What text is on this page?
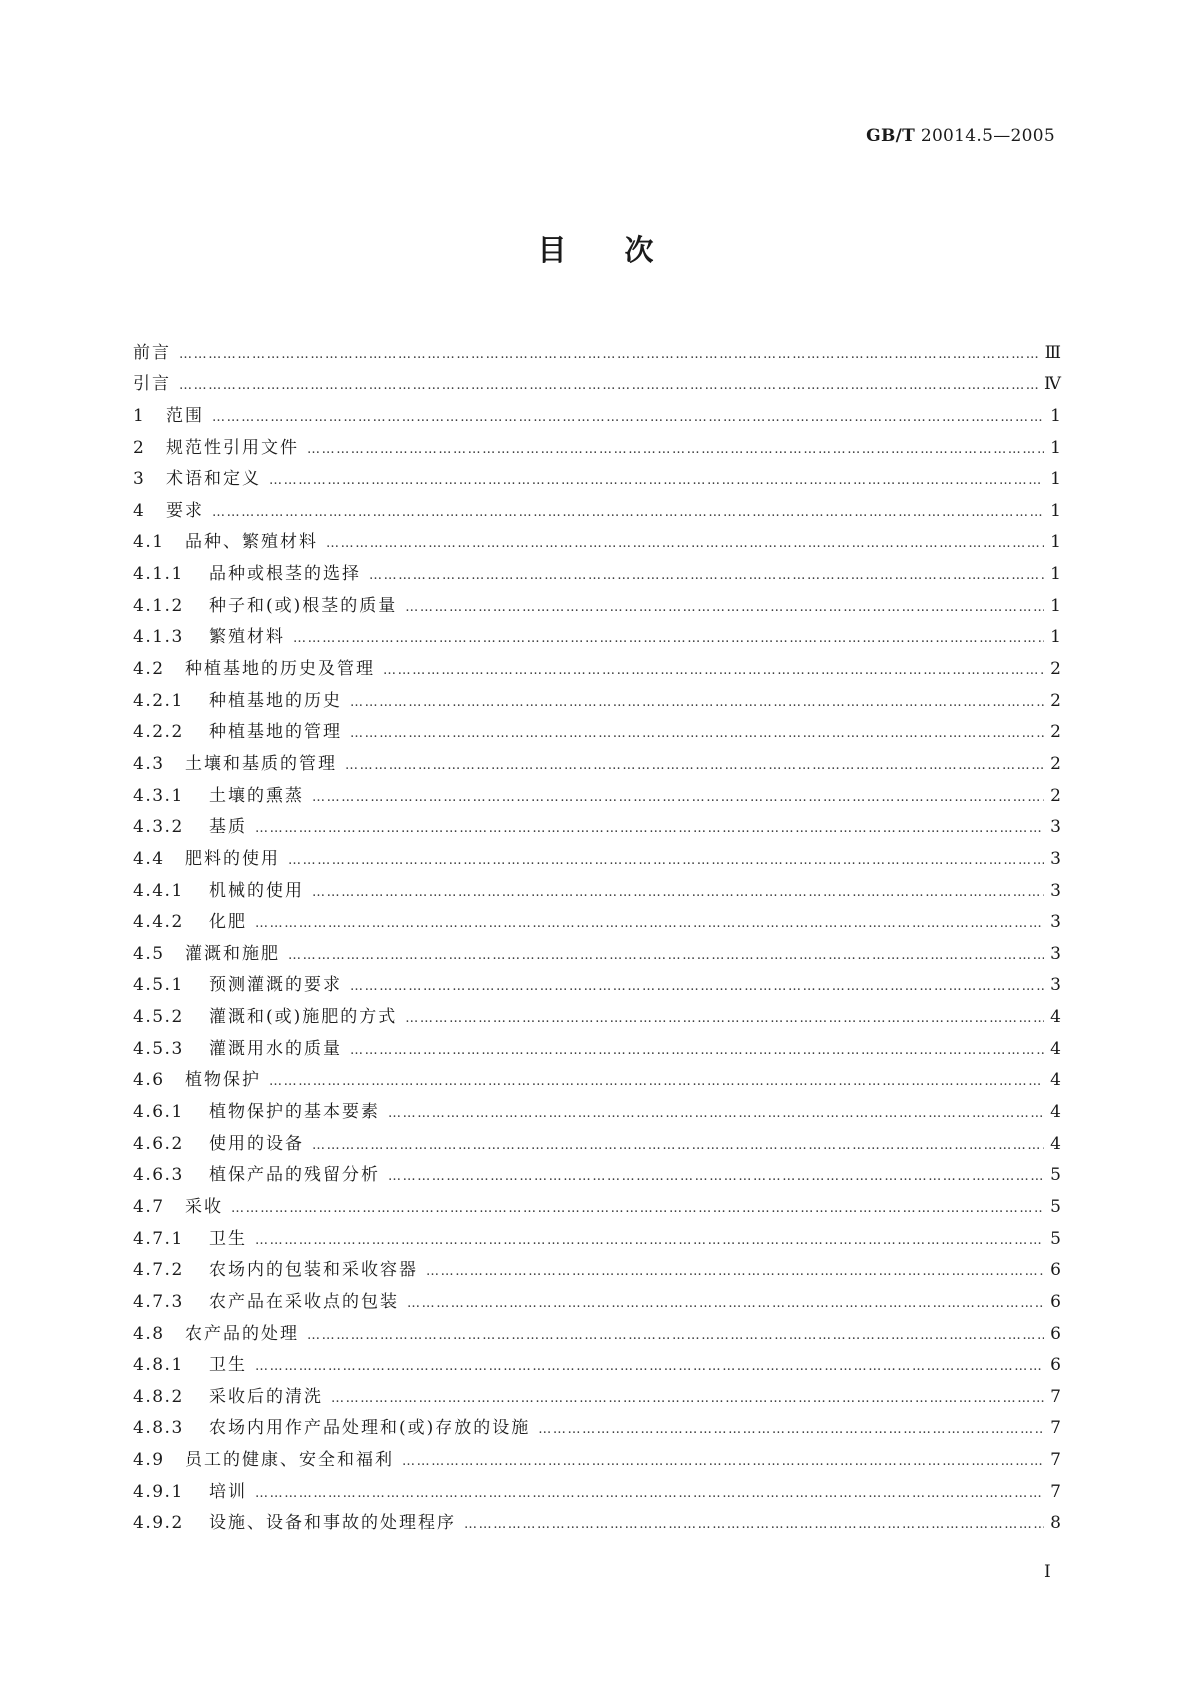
GB/T 20014.5—2005
目次
前言 ………………………………………………………………………………………………………………………………………………………………………………………………………………………………	Ⅲ
引言 ………………………………………………………………………………………………………………………………………………………………………………………………………………………………	Ⅳ
1	范围 ………………………………………………………………………………………………………………………………………………………………………………………………………………………………	1
2	规范性引用文件 ………………………………………………………………………………………………………………………………………………………………………………………………………………………………	1
3	术语和定义 ………………………………………………………………………………………………………………………………………………………………………………………………………………………………	1
4	要求 ………………………………………………………………………………………………………………………………………………………………………………………………………………………………	1
4.1	品种、繁殖材料 ………………………………………………………………………………………………………………………………………………………………………………………………………………………………	1
4.1.1	品种或根茎的选择 ………………………………………………………………………………………………………………………………………………………………………………………………………………………………	1
4.1.2	种子和(或)根茎的质量 ………………………………………………………………………………………………………………………………………………………………………………………………………………………………	1
4.1.3	繁殖材料 ………………………………………………………………………………………………………………………………………………………………………………………………………………………………	1
4.2	种植基地的历史及管理 ………………………………………………………………………………………………………………………………………………………………………………………………………………………………	2
4.2.1	种植基地的历史 ………………………………………………………………………………………………………………………………………………………………………………………………………………………………	2
4.2.2	种植基地的管理 ………………………………………………………………………………………………………………………………………………………………………………………………………………………………	2
4.3	土壤和基质的管理 ………………………………………………………………………………………………………………………………………………………………………………………………………………………………	2
4.3.1	土壤的熏蒸 ………………………………………………………………………………………………………………………………………………………………………………………………………………………………	2
4.3.2	基质 ………………………………………………………………………………………………………………………………………………………………………………………………………………………………	3
4.4	肥料的使用 ………………………………………………………………………………………………………………………………………………………………………………………………………………………………	3
4.4.1	机械的使用 ………………………………………………………………………………………………………………………………………………………………………………………………………………………………	3
4.4.2	化肥 ………………………………………………………………………………………………………………………………………………………………………………………………………………………………	3
4.5	灌溉和施肥 ………………………………………………………………………………………………………………………………………………………………………………………………………………………………	3
4.5.1	预测灌溉的要求 ………………………………………………………………………………………………………………………………………………………………………………………………………………………………	3
4.5.2	灌溉和(或)施肥的方式 ………………………………………………………………………………………………………………………………………………………………………………………………………………………………	4
4.5.3	灌溉用水的质量 ………………………………………………………………………………………………………………………………………………………………………………………………………………………………	4
4.6	植物保护 ………………………………………………………………………………………………………………………………………………………………………………………………………………………………	4
4.6.1	植物保护的基本要素 ………………………………………………………………………………………………………………………………………………………………………………………………………………………………	4
4.6.2	使用的设备 ………………………………………………………………………………………………………………………………………………………………………………………………………………………………	4
4.6.3	植保产品的残留分析 ………………………………………………………………………………………………………………………………………………………………………………………………………………………………	5
4.7	采收 ………………………………………………………………………………………………………………………………………………………………………………………………………………………………	5
4.7.1	卫生 ………………………………………………………………………………………………………………………………………………………………………………………………………………………………	5
4.7.2	农场内的包装和采收容器 ………………………………………………………………………………………………………………………………………………………………………………………………………………………………	6
4.7.3	农产品在采收点的包装 ………………………………………………………………………………………………………………………………………………………………………………………………………………………………	6
4.8	农产品的处理 ………………………………………………………………………………………………………………………………………………………………………………………………………………………………	6
4.8.1	卫生 ………………………………………………………………………………………………………………………………………………………………………………………………………………………………	6
4.8.2	采收后的清洗 ………………………………………………………………………………………………………………………………………………………………………………………………………………………………	7
4.8.3	农场内用作产品处理和(或)存放的设施 ………………………………………………………………………………………………………………………………………………………………………………………………………………………………	7
4.9	员工的健康、安全和福利 ………………………………………………………………………………………………………………………………………………………………………………………………………………………………	7
4.9.1	培训 ………………………………………………………………………………………………………………………………………………………………………………………………………………………………	7
4.9.2	设施、设备和事故的处理程序 ………………………………………………………………………………………………………………………………………………………………………………………………………………………………	8
I
